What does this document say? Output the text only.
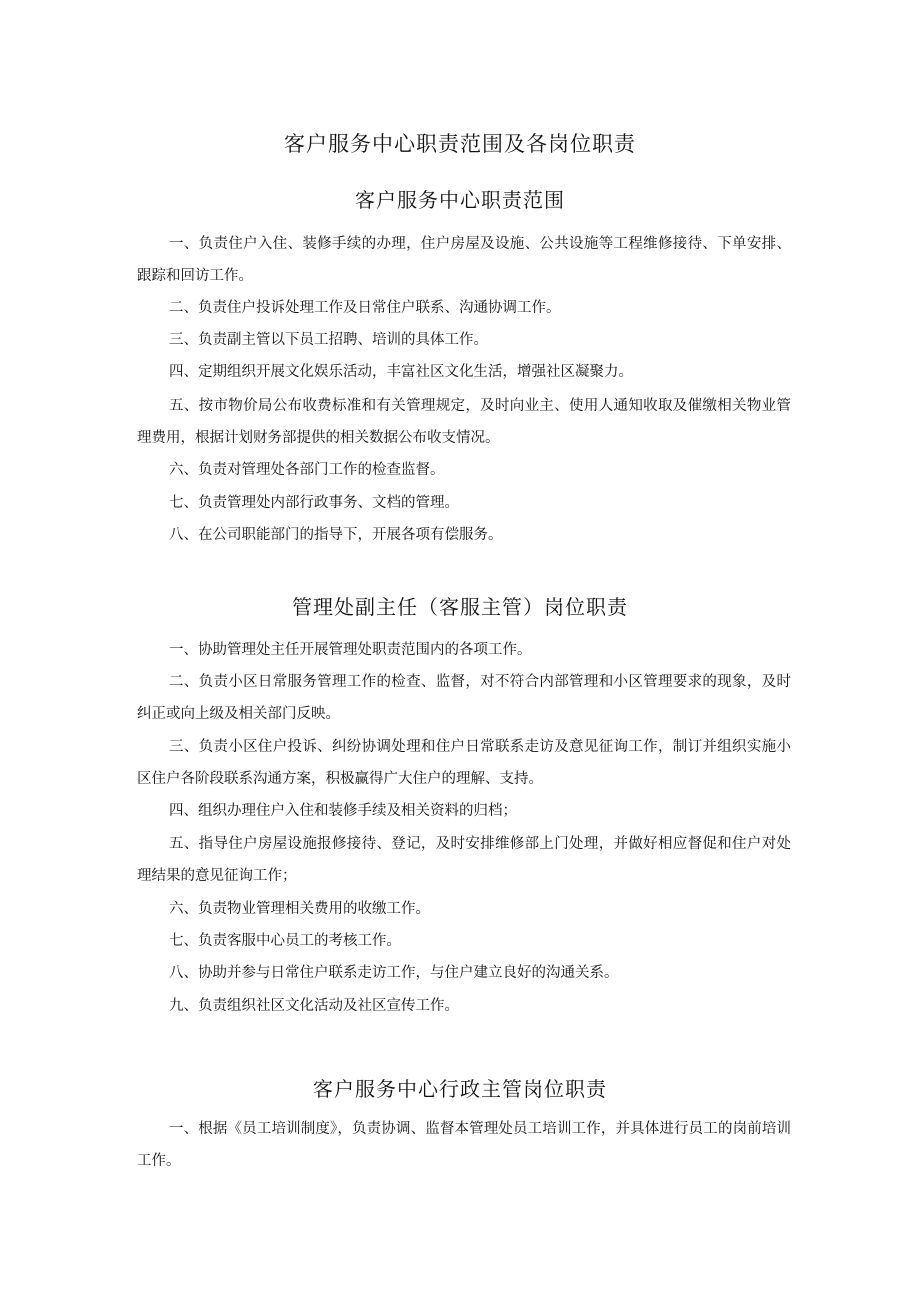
客户服务中心职责范围及各岗位职责
客户服务中心职责范围
一、负责住户入住、装修手续的办理，住户房屋及设施、公共设施等工程维修接待、下单安排、跟踪和回访工作。
二、负责住户投诉处理工作及日常住户联系、沟通协调工作。
三、负责副主管以下员工招聘、培训的具体工作。
四、定期组织开展文化娱乐活动，丰富社区文化生活，增强社区凝聚力。
五、按市物价局公布收费标准和有关管理规定，及时向业主、使用人通知收取及催缴相关物业管理费用，根据计划财务部提供的相关数据公布收支情况。
六、负责对管理处各部门工作的检查监督。
七、负责管理处内部行政事务、文档的管理。
八、在公司职能部门的指导下，开展各项有偿服务。
管理处副主任（客服主管）岗位职责
一、协助管理处主任开展管理处职责范围内的各项工作。
二、负责小区日常服务管理工作的检查、监督，对不符合内部管理和小区管理要求的现象，及时纠正或向上级及相关部门反映。
三、负责小区住户投诉、纠纷协调处理和住户日常联系走访及意见征询工作，制订并组织实施小区住户各阶段联系沟通方案，积极赢得广大住户的理解、支持。
四、组织办理住户入住和装修手续及相关资料的归档；
五、指导住户房屋设施报修接待、登记，及时安排维修部上门处理，并做好相应督促和住户对处理结果的意见征询工作；
六、负责物业管理相关费用的收缴工作。
七、负责客服中心员工的考核工作。
八、协助并参与日常住户联系走访工作，与住户建立良好的沟通关系。
九、负责组织社区文化活动及社区宣传工作。
客户服务中心行政主管岗位职责
一、根据《员工培训制度》，负责协调、监督本管理处员工培训工作，并具体进行员工的岗前培训工作。
